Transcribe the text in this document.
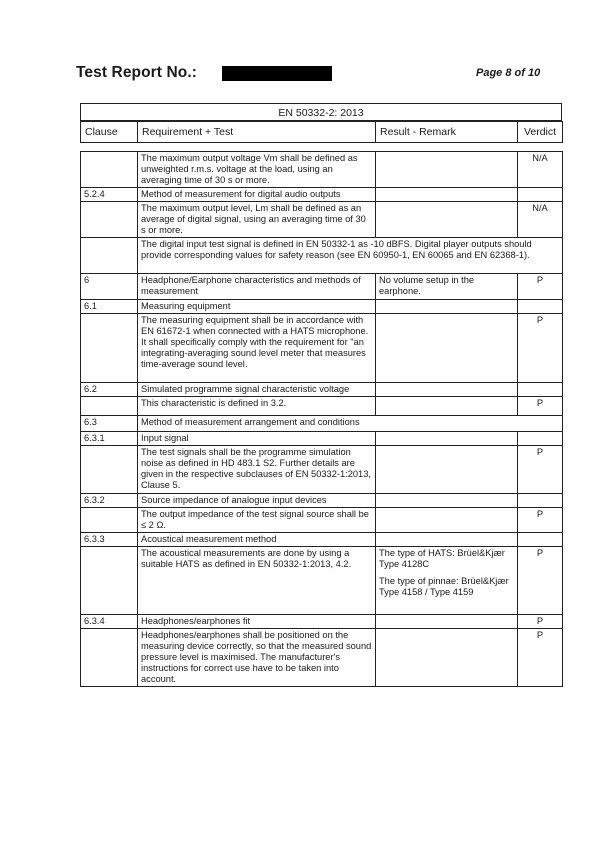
Test Report No.:	Page 8 of 10
EN 50332-2: 2013
Clause	Requirement + Test	Result - Remark	Verdict
	The maximum output voltage Vm shall be defined as unweighted r.m.s. voltage at the load, using an averaging time of 30 s or more.		N/A
5.2.4	Method of measurement for digital audio outputs		
	The maximum output level, Lm shall be defined as an average of digital signal, using an averaging time of 30 s or more.		N/A
	The digital input test signal is defined in EN 50332-1 as -10 dBFS. Digital player outputs should provide corresponding values for safety reason (see EN 60950-1, EN 60065 and EN 62368-1).		
6	Headphone/Earphone characteristics and methods of measurement	No volume setup in the earphone.	P
6.1	Measuring equipment		
	The measuring equipment shall be in accordance with EN 61672-1 when connected with a HATS microphone. It shall specifically comply with the requirement for "an integrating-averaging sound level meter that measures time-average sound level.		P
6.2	Simulated programme signal characteristic voltage		
	This characteristic is defined in 3.2.		P
6.3	Method of measurement arrangement and conditions		
6.3.1	Input signal		
	The test signals shall be the programme simulation noise as defined in HD 483.1 S2. Further details are given in the respective subclauses of EN 50332-1:2013, Clause 5.		P
6.3.2	Source impedance of analogue input devices		
	The output impedance of the test signal source shall be ≤ 2 Ω.		P
6.3.3	Acoustical measurement method		
	The acoustical measurements are done by using a suitable HATS as defined in EN 50332-1:2013, 4.2.	The type of HATS: Brüel&Kjær Type 4128C
The type of pinnae: Brüel&Kjær Type 4158 / Type 4159	P
6.3.4	Headphones/earphones fit		P
	Headphones/earphones shall be positioned on the measuring device correctly, so that the measured sound pressure level is maximised. The manufacturer's instructions for correct use have to be taken into account.		P
